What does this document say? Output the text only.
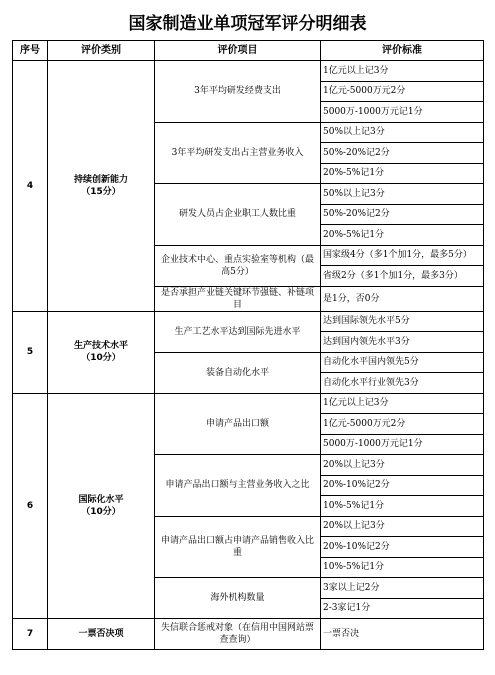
国家制造业单项冠军评分明细表
序号	评价类别	评价项目	评价标准
4	持续创新能力
（15分）	3年平均研发经费支出	1亿元以上记3分
			1亿元-5000万元2分
			5000万-1000万元记1分
		3年平均研发支出占主营业务收入	50%以上记3分
			50%-20%记2分
			20%-5%记1分
		研发人员占企业职工人数比重	50%以上记3分
			50%-20%记2分
			20%-5%记1分
		企业技术中心、重点实验室等机构（最高5分）	国家级4分（多1个加1分，最多5分）
			省级2分（多1个加1分，最多3分）
		是否承担产业链关键环节强链、补链项目	是1分，否0分
5	生产技术水平
（10分）	生产工艺水平达到国际先进水平	达到国际领先水平5分
			达到国内领先水平3分
		装备自动化水平	自动化水平国内领先5分
			自动化水平行业领先3分
6	国际化水平
（10分）	申请产品出口额	1亿元以上记3分
			1亿元-5000万元2分
			5000万-1000万元记1分
		申请产品出口额与主营业务收入之比	20%以上记3分
			20%-10%记2分
			10%-5%记1分
		申请产品出口额占申请产品销售收入比重	20%以上记3分
			20%-10%记2分
			10%-5%记1分
		海外机构数量	3家以上记2分
			2-3家记1分
7	一票否决项	失信联合惩戒对象（在信用中国网站票查查询）	一票否决
